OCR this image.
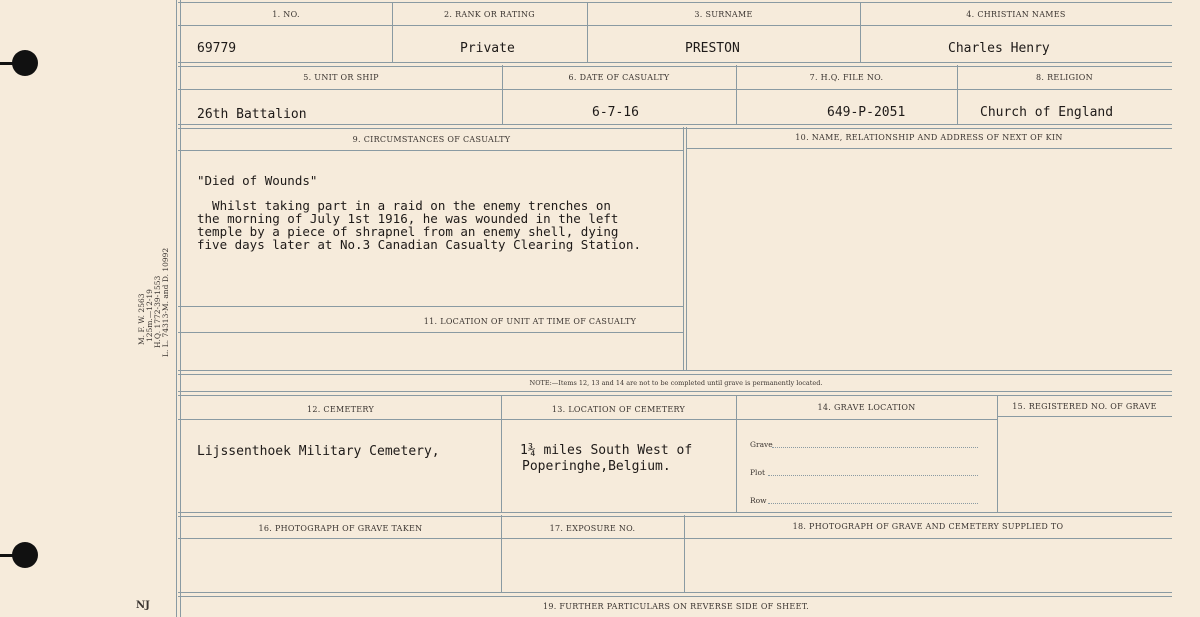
M. F. W. 2563 125m.—12-19 H.Q. 1772-39-1553 L. L. 74313-M. and D. 10992
NJ
1. NO.	2. RANK OR RATING	3. SURNAME	4. CHRISTIAN NAMES
69779	Private	PRESTON	Charles Henry
5. UNIT OR SHIP	6. DATE OF CASUALTY	7. H.Q. FILE NO.	8. RELIGION
26th Battalion	6-7-16	649-P-2051	Church of England
9. CIRCUMSTANCES OF CASUALTY	10. NAME, RELATIONSHIP AND ADDRESS OF NEXT OF KIN
"Died of Wounds"
Whilst taking part in a raid on the enemy trenches on
the morning of July 1st 1916, he was wounded in the left
temple by a piece of shrapnel from an enemy shell, dying
five days later at No.3 Canadian Casualty Clearing Station.
11. LOCATION OF UNIT AT TIME OF CASUALTY
NOTE:—Items 12, 13 and 14 are not to be completed until grave is permanently located.
12. CEMETERY	13. LOCATION OF CEMETERY	14. GRAVE LOCATION	15. REGISTERED NO. OF GRAVE
Lijssenthoek Military Cemetery,	1¾ miles South West of
Poperinghe,Belgium.
Grave
Plot
Row
16. PHOTOGRAPH OF GRAVE TAKEN	17. EXPOSURE NO.	18. PHOTOGRAPH OF GRAVE AND CEMETERY SUPPLIED TO
19. FURTHER PARTICULARS ON REVERSE SIDE OF SHEET.
